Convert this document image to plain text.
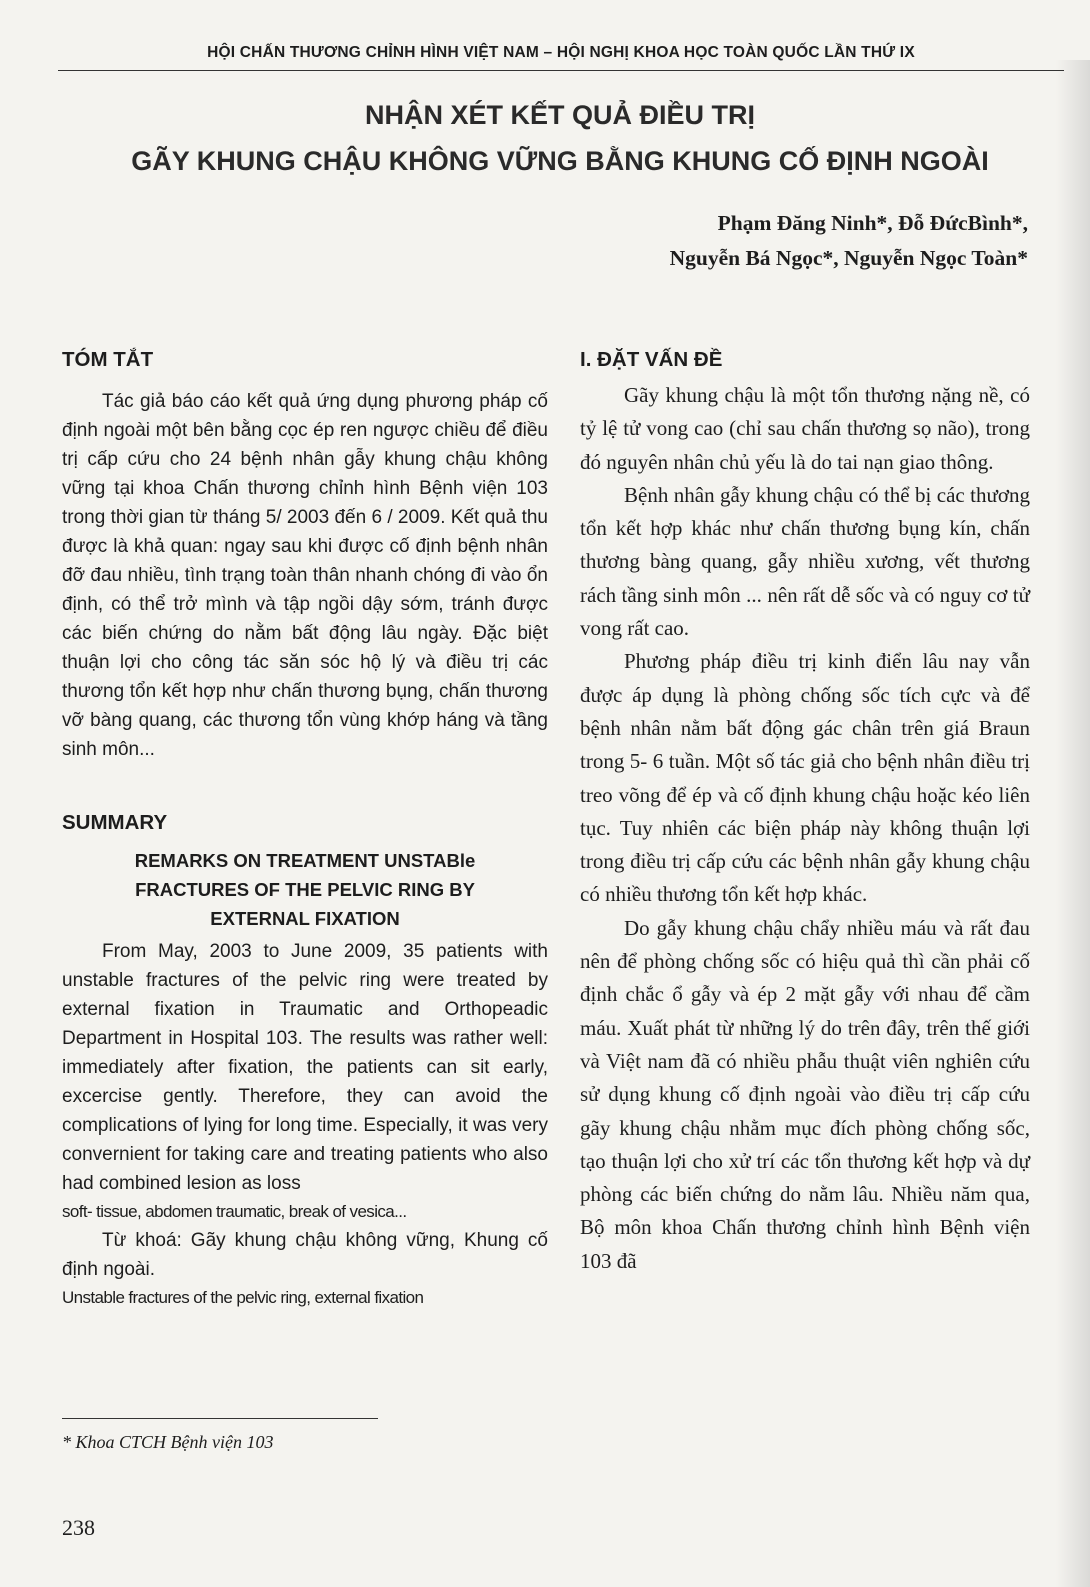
HỘI CHẤN THƯƠNG CHỈNH HÌNH VIỆT NAM – HỘI NGHỊ KHOA HỌC TOÀN QUỐC LẦN THỨ IX
NHẬN XÉT KẾT QUẢ ĐIỀU TRỊ
GÃY KHUNG CHẬU KHÔNG VỮNG BẰNG KHUNG CỐ ĐỊNH NGOÀI
Phạm Đăng Ninh*, Đỗ ĐứcBình*,
Nguyễn Bá Ngọc*, Nguyễn Ngọc Toàn*
TÓM TẮT

Tác giả báo cáo kết quả ứng dụng phương pháp cố định ngoài một bên bằng cọc ép ren ngược chiều để điều trị cấp cứu cho 24 bệnh nhân gẫy khung chậu không vững tại khoa Chấn thương chỉnh hình Bệnh viện 103 trong thời gian từ tháng 5/ 2003 đến 6 / 2009. Kết quả thu được là khả quan: ngay sau khi được cố định bệnh nhân đỡ đau nhiều, tình trạng toàn thân nhanh chóng đi vào ổn định, có thể trở mình và tập ngồi dậy sớm, tránh được các biến chứng do nằm bất động lâu ngày. Đặc biệt thuận lợi cho công tác săn sóc hộ lý và điều trị các thương tổn kết hợp như chấn thương bụng, chấn thương vỡ bàng quang, các thương tổn vùng khớp háng và tầng sinh môn...

SUMMARY
REMARKS ON TREATMENT UNSTABle
FRACTURES OF THE PELVIC RING BY
EXTERNAL FIXATION

From May, 2003 to June 2009, 35 patients with unstable fractures of the pelvic ring were treated by external fixation in Traumatic and Orthopeadic Department in Hospital 103. The results was rather well: immediately after fixation, the patients can sit early, excercise gently. Therefore, they can avoid the complications of lying for long time. Especially, it was very convernient for taking care and treating patients who also had combined lesion as loss

soft- tissue, abdomen traumatic, break of vesica...

Từ khoá: Gãy khung chậu không vững, Khung cố định ngoài.

Unstable fractures of the pelvic ring, external fixation

I. ĐẶT VẤN ĐỀ

Gãy khung chậu là một tổn thương nặng nề, có tỷ lệ tử vong cao (chỉ sau chấn thương sọ não), trong đó nguyên nhân chủ yếu là do tai nạn giao thông.

Bệnh nhân gẫy khung chậu có thể bị các thương tổn kết hợp khác như chấn thương bụng kín, chấn thương bàng quang, gẫy nhiều xương, vết thương rách tầng sinh môn ... nên rất dễ sốc và có nguy cơ tử vong rất cao.

Phương pháp điều trị kinh điển lâu nay vẫn được áp dụng là phòng chống sốc tích cực và để bệnh nhân nằm bất động gác chân trên giá Braun trong 5- 6 tuần. Một số tác giả cho bệnh nhân điều trị treo võng để ép và cố định khung chậu hoặc kéo liên tục. Tuy nhiên các biện pháp này không thuận lợi trong điều trị cấp cứu các bệnh nhân gẫy khung chậu có nhiều thương tổn kết hợp khác.

Do gẫy khung chậu chẩy nhiều máu và rất đau nên để phòng chống sốc có hiệu quả thì cần phải cố định chắc ổ gẫy và ép 2 mặt gẫy với nhau để cầm máu. Xuất phát từ những lý do trên đây, trên thế giới và Việt nam đã có nhiều phẫu thuật viên nghiên cứu sử dụng khung cố định ngoài vào điều trị cấp cứu gãy khung chậu nhằm mục đích phòng chống sốc, tạo thuận lợi cho xử trí các tổn thương kết hợp và dự phòng các biến chứng do nằm lâu. Nhiều năm qua, Bộ môn khoa Chấn thương chỉnh hình Bệnh viện 103 đã

* Khoa CTCH Bệnh viện 103
238
